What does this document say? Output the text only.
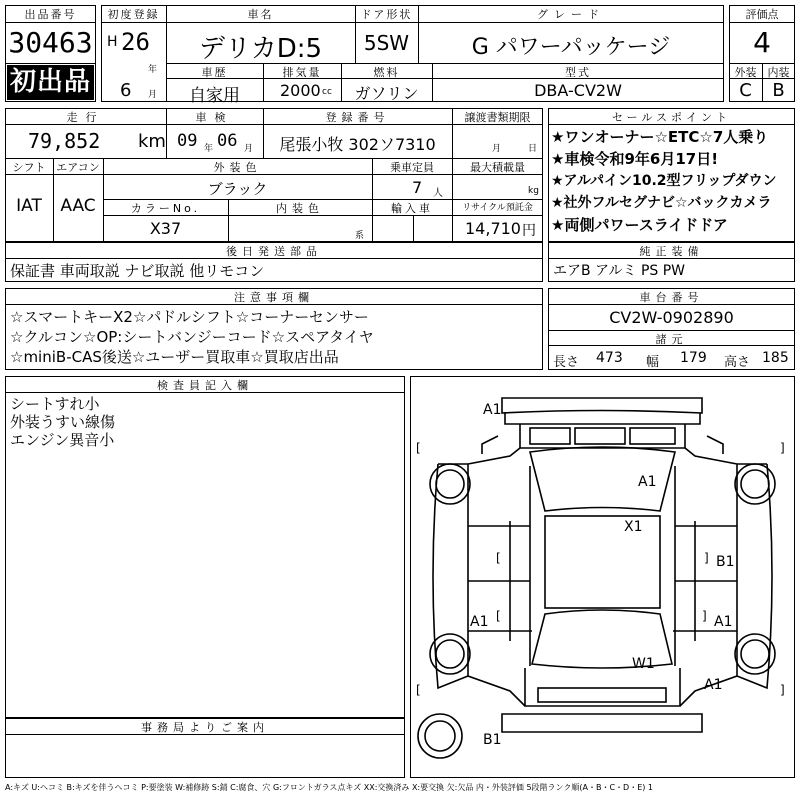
出品番号
30463
初出品
初度登録
H 26
年
6 月
車名
デリカD:5
ドア形状
5SW
グレード
G パワーパッケージ
車歴
自家用
排気量
2000 cc
燃料
ガソリン
型式
DBA-CV2W
評価点
4
外装	内装
C	B
走行
79,852 km
車検
09 年 06 月
登録番号
尾張小牧 302ソ7310
譲渡書類期限
月	日
シフト
IAT
エアコン
AAC
外装色
ブラック
乗車定員
7 人
最大積載量
kg
カラーNo.
X37
内装色
系
輸入車	リサイクル預託金
14,710 円
セールスポイント
★ワンオーナー☆ETC☆7人乗り
★車検令和9年6月17日!
★アルパイン10.2型フリップダウン
★社外フルセグナビ☆バックカメラ
★両側パワースライドドア
後日発送部品
保証書 車両取説 ナビ取説 他リモコン
純正装備
エアB アルミ PS PW
注意事項欄
☆スマートキーX2☆パドルシフト☆コーナーセンサー
☆クルコン☆OP:シートバンジーコード☆スペアタイヤ
☆miniB-CAS後送☆ユーザー買取車☆買取店出品
車台番号
CV2W-0902890
諸元
長さ 473 幅 179 高さ 185
検査員記入欄
シートすれ小
外装うすい線傷
エンジン異音小
事務局よりご案内
A1
A1
X1
B1
A1	A1
W1
A1
B1
[	]
[	]
[	]
[	]
A:キズ U:ヘコミ B:キズを伴うヘコミ P:要塗装 W:補修跡 S:錆 C:腐食、穴 G:フロントガラス点キズ XX:交換済み X:要交換 欠:欠品 内・外装評価 5段階ランク順(A・B・C・D・E) 1
